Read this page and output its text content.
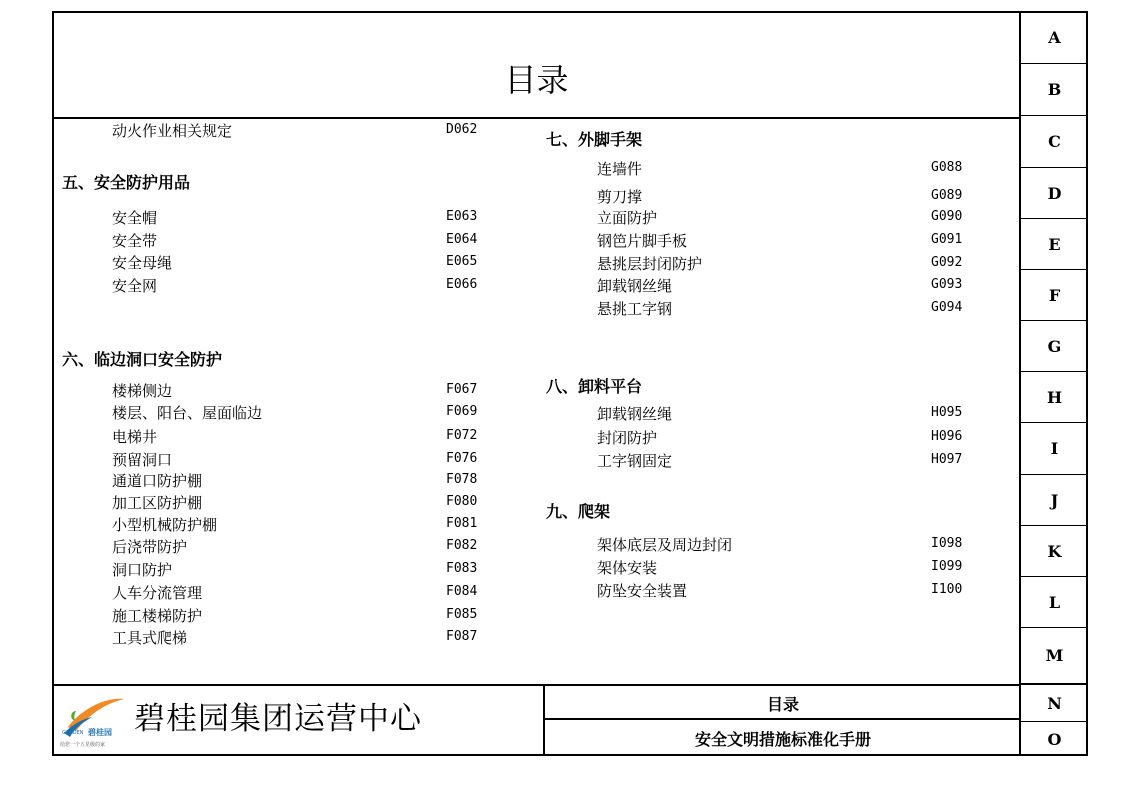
目录
A
B
C
D
E
F
G
H
I
J
K
L
M
N
O
动火作业相关规定	D062
五、安全防护用品
安全帽	E063
安全带	E064
安全母绳	E065
安全网	E066
六、临边洞口安全防护
楼梯侧边	F067
楼层、阳台、屋面临边	F069
电梯井	F072
预留洞口	F076
通道口防护棚	F078
加工区防护棚	F080
小型机械防护棚	F081
后浇带防护	F082
洞口防护	F083
人车分流管理	F084
施工楼梯防护	F085
工具式爬梯	F087
七、外脚手架
连墙件	G088
剪刀撑	G089
立面防护	G090
钢笆片脚手板	G091
悬挑层封闭防护	G092
卸载钢丝绳	G093
悬挑工字钢	G094
八、卸料平台
卸载钢丝绳	H095
封闭防护	H096
工字钢固定	H097
九、爬架
架体底层及周边封闭	I098
架体安装	I099
防坠安全装置	I100
GARDEN 碧桂园
给您一个五星级的家
碧桂园集团运营中心	目录
安全文明措施标准化手册
